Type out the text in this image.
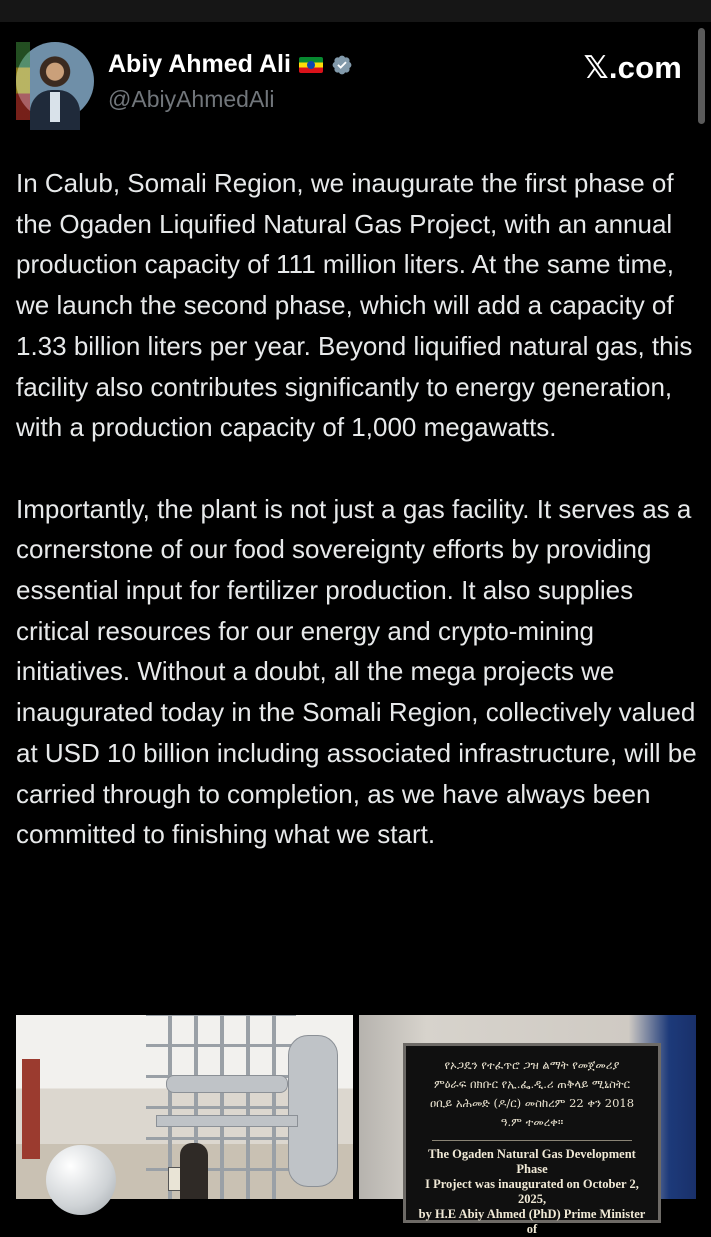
Abiy Ahmed Ali
@AbiyAhmedAli
𝕏.com
In Calub, Somali Region, we inaugurate the first phase of the Ogaden Liquified Natural Gas Project, with an annual production capacity of 111 million liters. At the same time, we launch the second phase, which will add a capacity of 1.33 billion liters per year. Beyond liquified natural gas, this facility also contributes significantly to energy generation, with a production capacity of 1,000 megawatts.

Importantly, the plant is not just a gas facility. It serves as a cornerstone of our food sovereignty efforts by providing essential input for fertilizer production. It also supplies critical resources for our energy and crypto-mining initiatives. Without a doubt, all the mega projects we inaugurated today in the Somali Region, collectively valued at USD 10 billion including associated infrastructure, will be carried through to completion, as we have always been committed to finishing what we start.
የኦጋዴን የተፈጥሮ ጋዝ ልማት የመጀመሪያ
ምዕራፍ በክቡር የኢ.ፌ.ዲ.ሪ ጠቅላይ ሚኒስትር
ዐቢይ አሕመድ (ዶ/ር) መስከረም 22 ቀን 2018
ዓ.ም ተመረቀ።
The Ogaden Natural Gas Development Phase
I Project was inaugurated on October 2, 2025,
by H.E Abiy Ahmed (PhD) Prime Minister of
